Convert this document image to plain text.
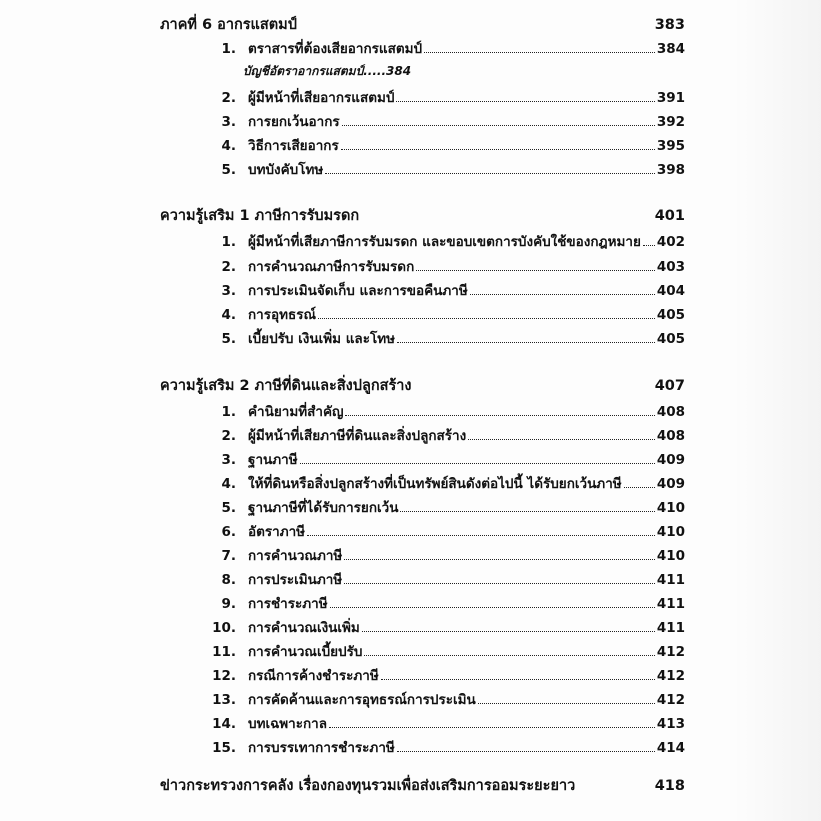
ภาคที่ 6 อากรแสตมป์	383
1. ตราสารที่ต้องเสียอากรแสตมป์	384
บัญชีอัตราอากรแสตมป์.....384
2. ผู้มีหน้าที่เสียอากรแสตมป์	391
3. การยกเว้นอากร	392
4. วิธีการเสียอากร	395
5. บทบังคับโทษ	398
ความรู้เสริม 1 ภาษีการรับมรดก	401
1. ผู้มีหน้าที่เสียภาษีการรับมรดก และขอบเขตการบังคับใช้ของกฎหมาย 402
2. การคำนวณภาษีการรับมรดก	403
3. การประเมินจัดเก็บ และการขอคืนภาษี	404
4. การอุทธรณ์	405
5. เบี้ยปรับ เงินเพิ่ม และโทษ	405
ความรู้เสริม 2 ภาษีที่ดินและสิ่งปลูกสร้าง	407
1. คำนิยามที่สำคัญ	408
2. ผู้มีหน้าที่เสียภาษีที่ดินและสิ่งปลูกสร้าง	408
3. ฐานภาษี	409
4. ให้ที่ดินหรือสิ่งปลูกสร้างที่เป็นทรัพย์สินดังต่อไปนี้ ได้รับยกเว้นภาษี	409
5. ฐานภาษีที่ได้รับการยกเว้น	410
6. อัตราภาษี	410
7. การคำนวณภาษี	410
8. การประเมินภาษี	411
9. การชำระภาษี	411
10. การคำนวณเงินเพิ่ม	411
11. การคำนวณเบี้ยปรับ	412
12. กรณีการค้างชำระภาษี	412
13. การคัดค้านและการอุทธรณ์การประเมิน	412
14. บทเฉพาะกาล	413
15. การบรรเทาการชำระภาษี	414
ข่าวกระทรวงการคลัง เรื่องกองทุนรวมเพื่อส่งเสริมการออมระยะยาว	418
